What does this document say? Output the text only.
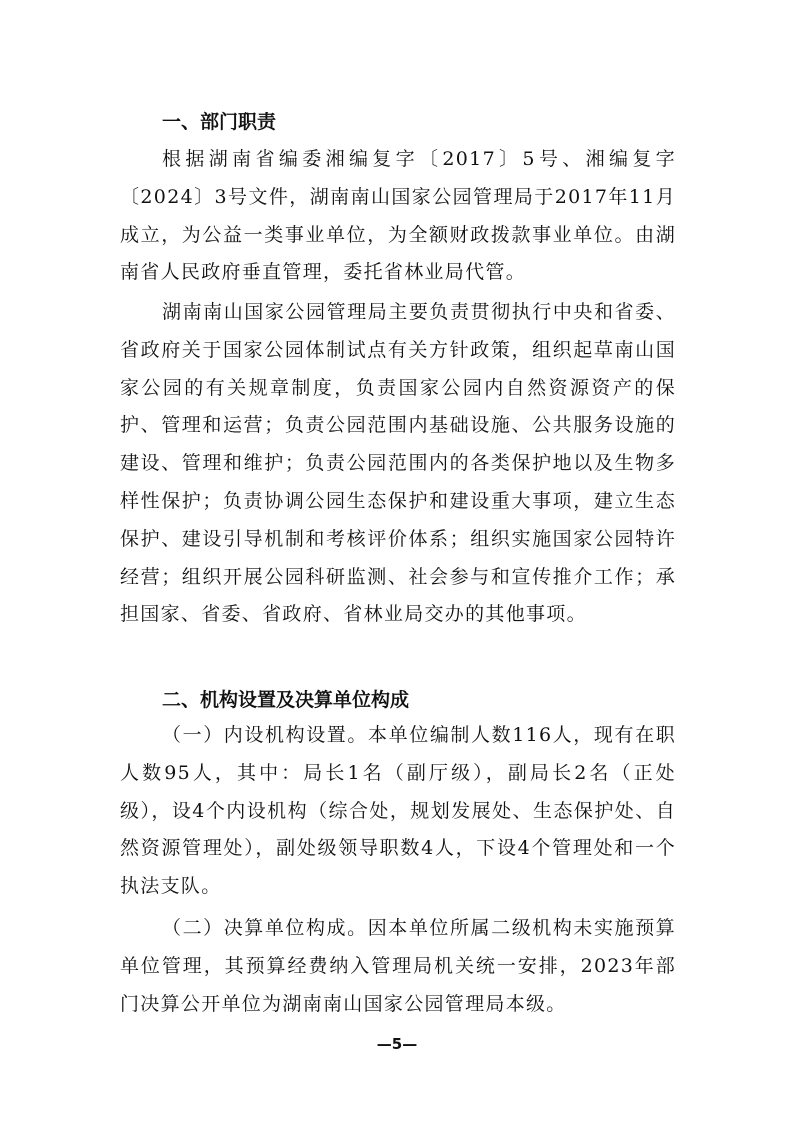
一、部门职责

根据湖南省编委湘编复字〔2017〕5号、湘编复字〔2024〕3号文件，湖南南山国家公园管理局于2017年11月成立，为公益一类事业单位，为全额财政拨款事业单位。由湖南省人民政府垂直管理，委托省林业局代管。

湖南南山国家公园管理局主要负责贯彻执行中央和省委、省政府关于国家公园体制试点有关方针政策，组织起草南山国家公园的有关规章制度，负责国家公园内自然资源资产的保护、管理和运营；负责公园范围内基础设施、公共服务设施的建设、管理和维护；负责公园范围内的各类保护地以及生物多样性保护；负责协调公园生态保护和建设重大事项，建立生态保护、建设引导机制和考核评价体系；组织实施国家公园特许经营；组织开展公园科研监测、社会参与和宣传推介工作；承担国家、省委、省政府、省林业局交办的其他事项。

二、机构设置及决算单位构成

（一）内设机构设置。本单位编制人数116人，现有在职人数95人，其中：局长1名（副厅级），副局长2名（正处级），设4个内设机构（综合处，规划发展处、生态保护处、自然资源管理处），副处级领导职数4人，下设4个管理处和一个执法支队。

（二）决算单位构成。因本单位所属二级机构未实施预算单位管理，其预算经费纳入管理局机关统一安排，2023年部门决算公开单位为湖南南山国家公园管理局本级。

—5—
